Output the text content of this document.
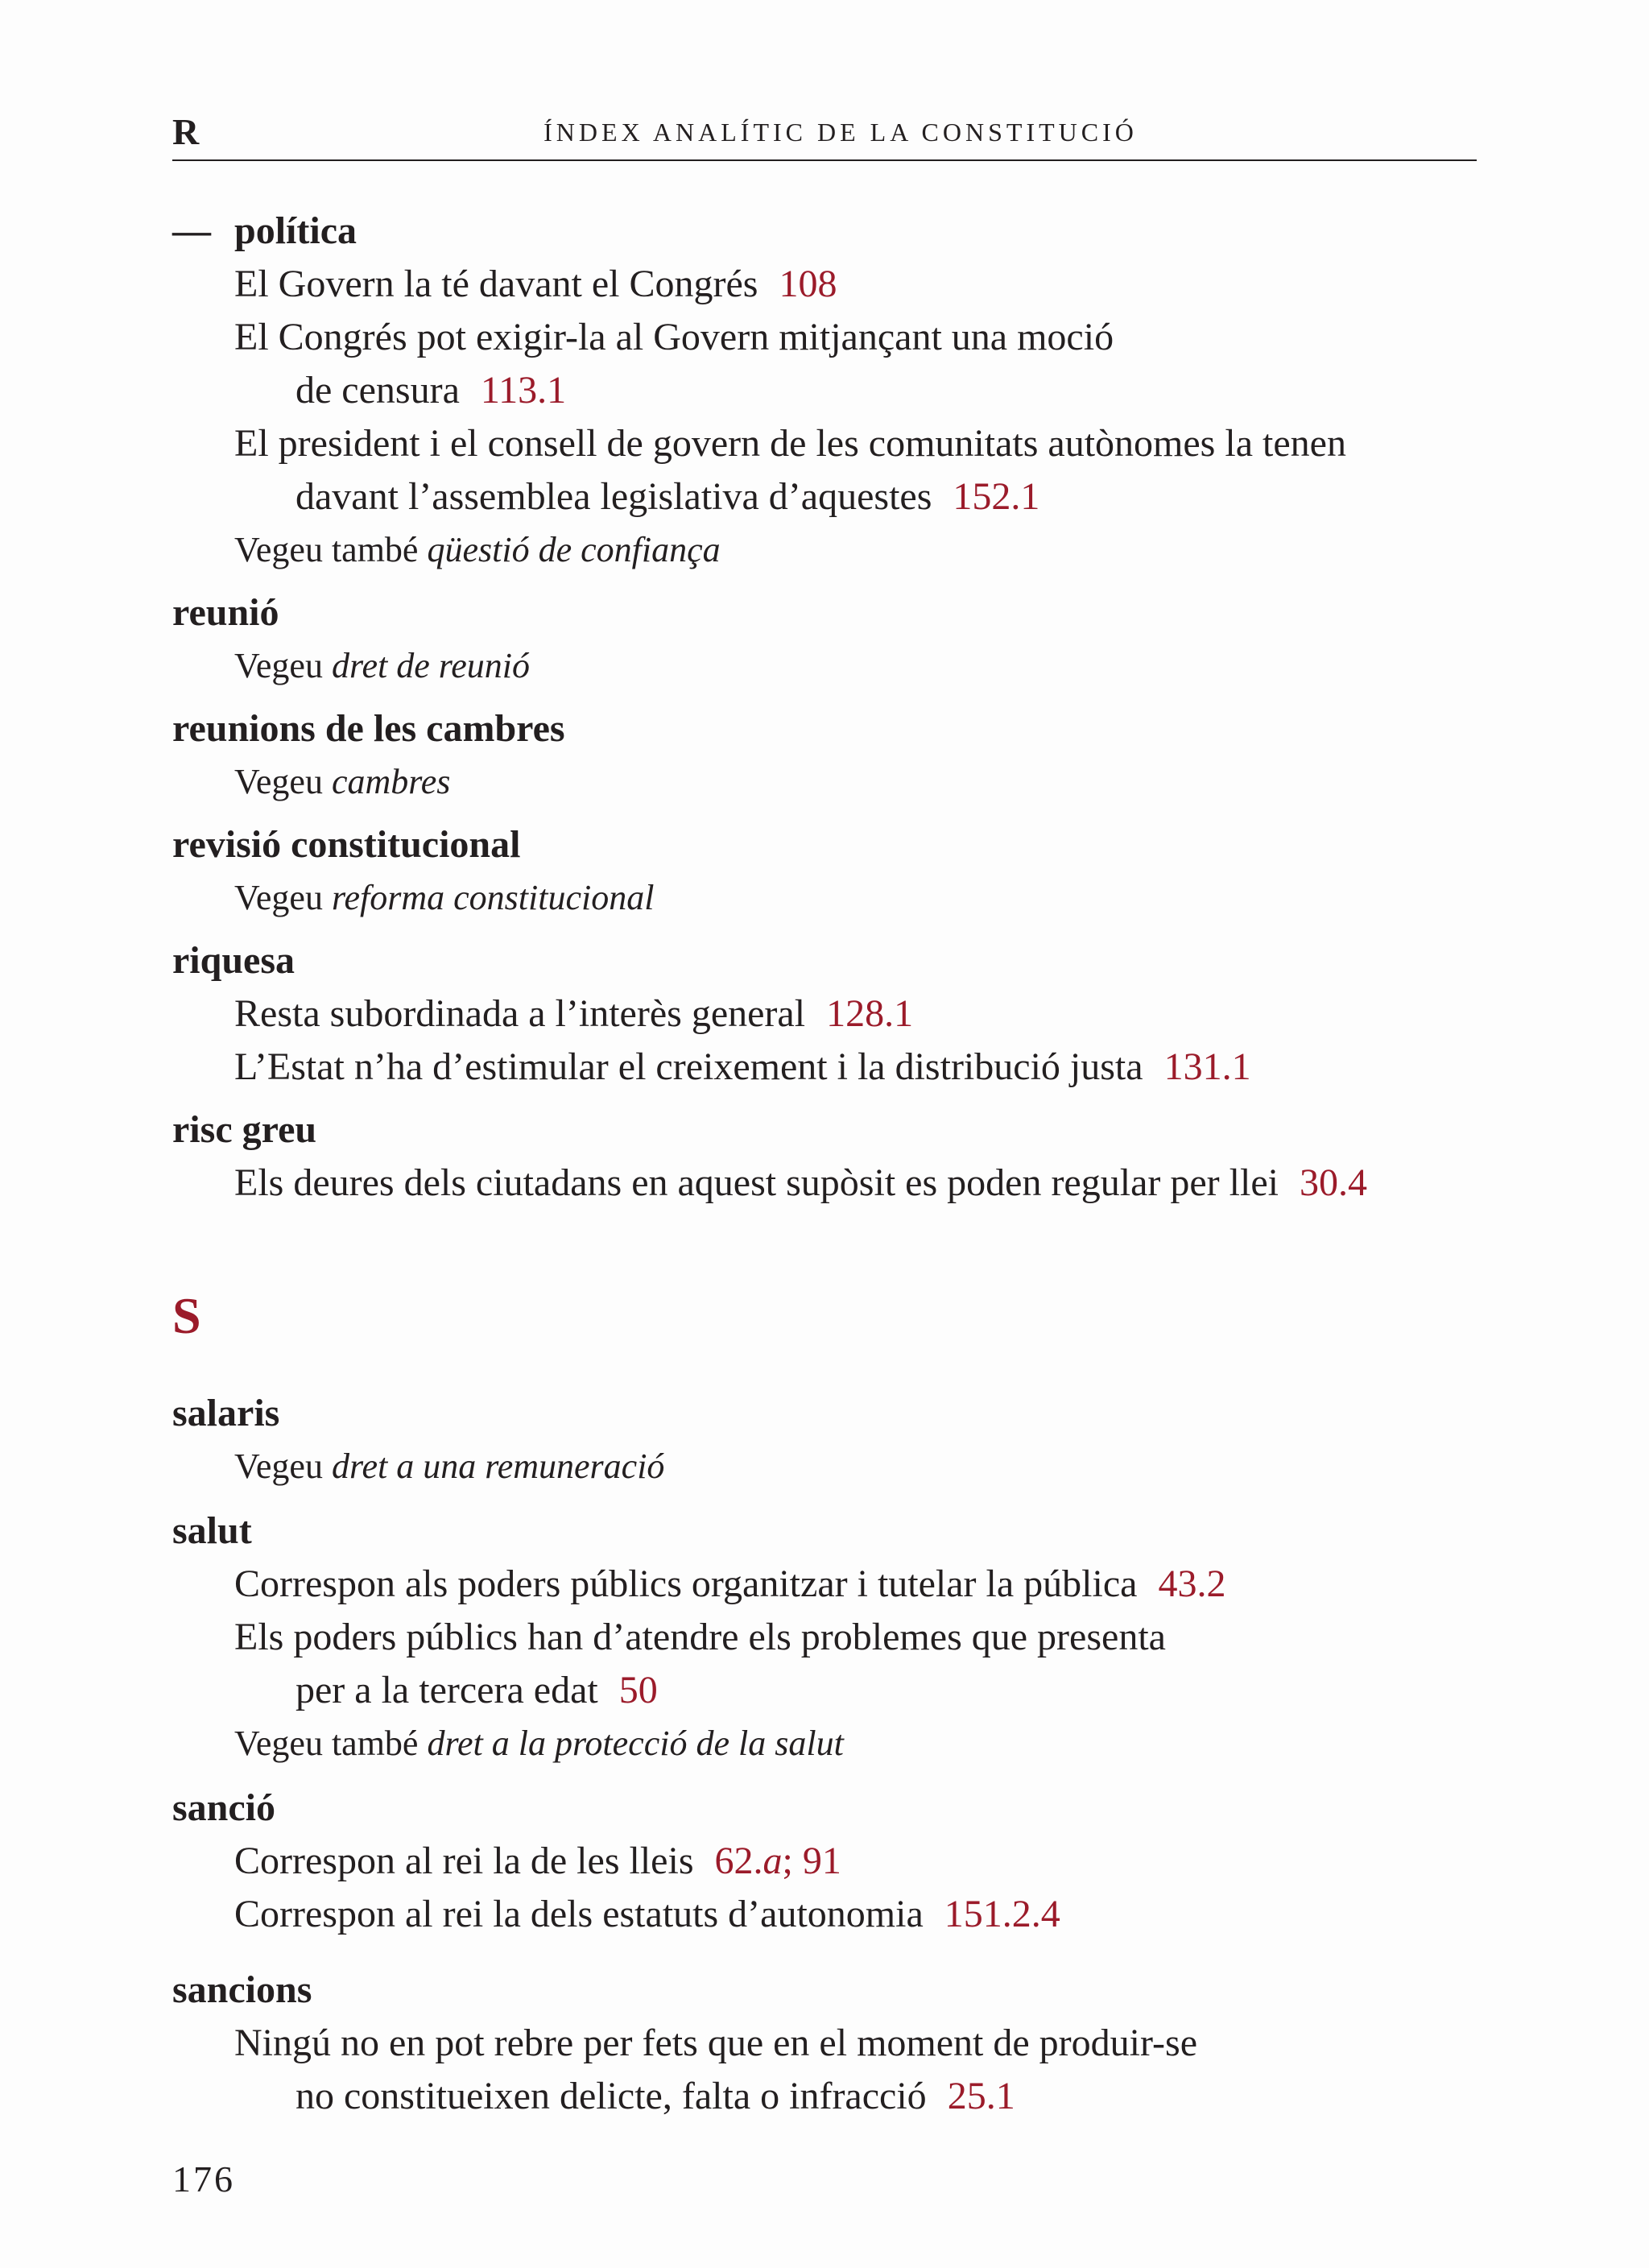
R	ÍNDEX ANALÍTIC DE LA CONSTITUCIÓ
— política
El Govern la té davant el Congrés 108
El Congrés pot exigir-la al Govern mitjançant una moció
de censura 113.1
El president i el consell de govern de les comunitats autònomes la tenen
davant l’assemblea legislativa d’aquestes 152.1
Vegeu també qüestió de confiança
reunió
Vegeu dret de reunió
reunions de les cambres
Vegeu cambres
revisió constitucional
Vegeu reforma constitucional
riquesa
Resta subordinada a l’interès general 128.1
L’Estat n’ha d’estimular el creixement i la distribució justa 131.1
risc greu
Els deures dels ciutadans en aquest supòsit es poden regular per llei 30.4
S
salaris
Vegeu dret a una remuneració
salut
Correspon als poders públics organitzar i tutelar la pública 43.2
Els poders públics han d’atendre els problemes que presenta
per a la tercera edat 50
Vegeu també dret a la protecció de la salut
sanció
Correspon al rei la de les lleis 62.a; 91
Correspon al rei la dels estatuts d’autonomia 151.2.4
sancions
Ningú no en pot rebre per fets que en el moment de produir-se
no constitueixen delicte, falta o infracció 25.1
176
